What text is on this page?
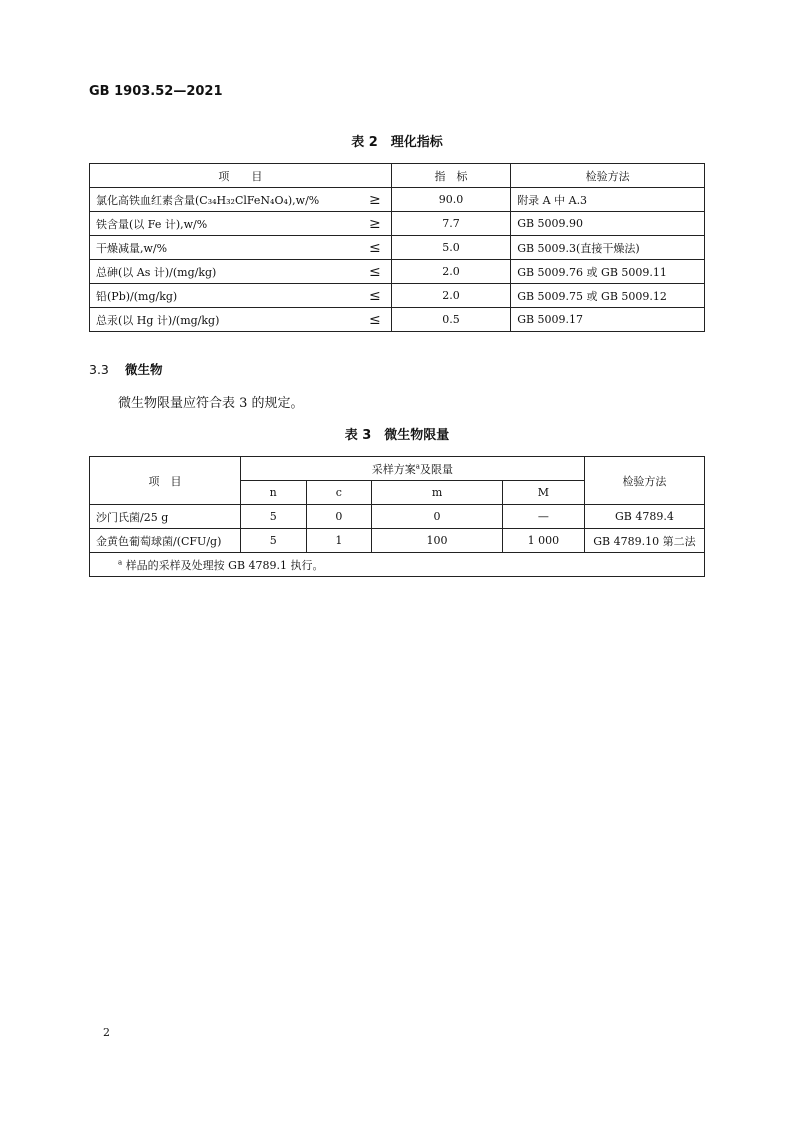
GB 1903.52—2021
表 2　理化指标
项　　目		指　标	检验方法
氯化高铁血红素含量(C₃₄H₃₂ClFeN₄O₄),w/%	≥	90.0	附录 A 中 A.3
铁含量(以 Fe 计),w/%	≥	7.7	GB 5009.90
干燥减量,w/%	≤	5.0	GB 5009.3(直接干燥法)
总砷(以 As 计)/(mg/kg)	≤	2.0	GB 5009.76 或 GB 5009.11
铅(Pb)/(mg/kg)	≤	2.0	GB 5009.75 或 GB 5009.12
总汞(以 Hg 计)/(mg/kg)	≤	0.5	GB 5009.17
3.3 微生物
微生物限量应符合表 3 的规定。
表 3　微生物限量
项　目	采样方案$^a$及限量				检验方法
	n	c	m	M	
沙门氏菌/25 g	5	0	0	—	GB 4789.4
金黄色葡萄球菌/(CFU/g)	5	1	100	1 000	GB 4789.10 第二法
$^a$ 样品的采样及处理按 GB 4789.1 执行。					
2
